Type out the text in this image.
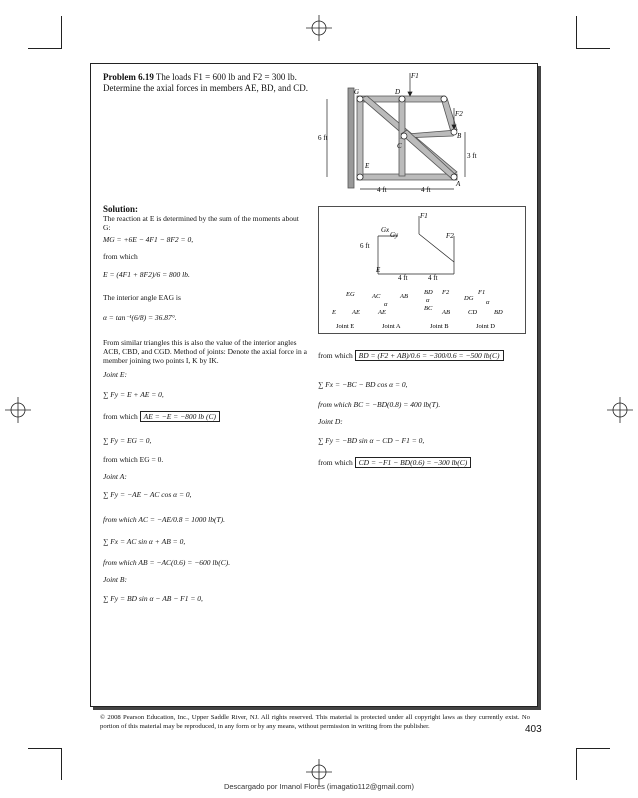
Problem 6.19 The loads F1 = 600 lb and F2 = 300 lb. Determine the axial forces in members AE, BD, and CD.
F1
G	D
F2
B
C
E
A
6 ft
3 ft
4 ft	4 ft
F1
Gx
Gy	F2
6 ft
E
4 ft	4 ft
EG
E AE
AC	AB
α
AE
BD F2
α
BC
AB
DG
F1
α
CD	BD
Joint E	Joint A	Joint B	Joint D
Solution:
The reaction at E is determined by the sum of the moments about G:
MG = +6E − 4F1 − 8F2 = 0,
from which
E = (4F1 + 8F2)/6 = 800 lb.
The interior angle EAG is
α = tan⁻¹(6/8) = 36.87°.
From similar triangles this is also the value of the interior angles ACB, CBD, and CGD. Method of joints: Denote the axial force in a member joining two points I, K by IK.
Joint E:
∑ Fy = E + AE = 0,
from which AE = −E = −800 lb (C)
∑ Fy = EG = 0,
from which EG = 0.
Joint A:
∑ Fy = −AE − AC cos α = 0,
from which AC = −AE/0.8 = 1000 lb(T).
∑ Fx = AC sin α + AB = 0,
from which AB = −AC(0.6) = −600 lb(C).
Joint B:
∑ Fy = BD sin α − AB − F1 = 0,
from which BD = (F2 + AB)/0.6 = −300/0.6 = −500 lb(C)
∑ Fx = −BC − BD cos α = 0,
from which BC = −BD(0.8) = 400 lb(T).
Joint D:
∑ Fy = −BD sin α − CD − F1 = 0,
from which CD = −F1 − BD(0.6) = −300 lb(C)
© 2008 Pearson Education, Inc., Upper Saddle River, NJ. All rights reserved. This material is protected under all copyright laws as they currently exist. No portion of this material may be reproduced, in any form or by any means, without permission in writing from the publisher.	403
Descargado por Imanol Flores (imagatio112@gmail.com)
